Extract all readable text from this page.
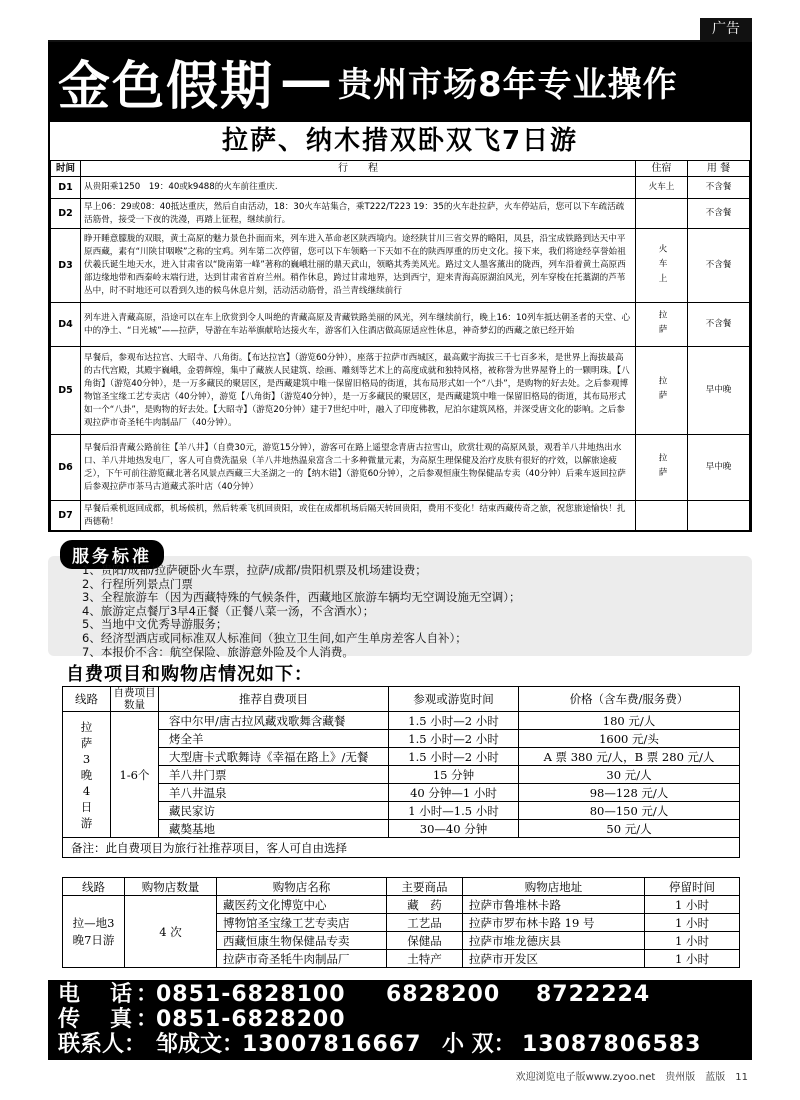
广告
金色假期 — 贵州市场8年专业操作
拉萨、纳木措双卧双飞7日游
时间	行　　程	住宿	用 餐
D1	从贵阳乘1250　19：40或k9488的火车前往重庆.	火车上	不含餐
D2	早上06：29或08：40抵达重庆，然后自由活动，18：30火车站集合，乘T222/T223 19：35的火车赴拉萨，火车停站后，您可以下车疏活疏活筋骨，接受一下夜的洗漫，再踏上征程，继续前行。		不含餐
D3	睁开睡意朦胧的双眼，黄土高原的魅力景色扑面而来，列车进入革命老区陕西境内。途经陕甘川三省交界的略阳，凤县，沿宝成铁路到达天中平原西藏，素有“川陕甘咽喉”之称的宝鸡。列车第二次停留，您可以下车领略一下天如不在的陕西厚重的历史文化。接下来，我们将途经享誉始祖伏羲氏诞生地天水，进入甘肃省以“陇南第一峰”著称的巍峨壮丽的鼎天武山，领略其秀美风光。路过文人墨客薰出的陇西，列车沿着黄土高原西部边缘地带和西秦岭末端行进，达到甘肃省首府兰州。稍作休息，跨过甘肃地界，达到西宁，迎来青海高原湖泊风光，列车穿梭在托藁湖的芦苇丛中，时不时地还可以看到久违的候鸟休息片刻，活动活动筋骨，沿兰青线继续前行	火车上	不含餐
D4	列车进入青藏高原，沿途可以在车上欣赏到令人叫绝的青藏高原及青藏铁路美丽的风光，列车继续前行，晚上16：10列车抵达朝圣者的天堂、心中的净土、“日光城”——拉萨，导游在车站举旗献哈达接火车，游客们入住酒店做高原适应性休息，神奇梦幻的西藏之旅已经开始	拉萨	不含餐
D5	早餐后，参观布达拉宫、大昭寺、八角街。【布达拉宫】（游览60分钟），座落于拉萨市西城区，最高戴宇海拔三千七百多米，是世界上海拔最高的古代宫殿，其殿宇巍峨，金碧辉煌，集中了藏族人民建筑、绘画、雕刻等艺术上的高度成就和独特风格，被称誉为世界屋脊上的一颗明珠。【八角街】（游览40分钟），是一万多藏民的聚居区，是西藏建筑中唯一保留旧格局的街道，其布局形式如一个“八卦”，是购物的好去处。之后参观博物馆圣宝缘工艺专卖店（40分钟），游览【八角街】（游览40分钟），是一万多藏民的聚居区，是西藏建筑中唯一保留旧格局的街道，其布局形式如一个“八卦”，是购物的好去处。【大昭寺】（游览20分钟）建于7世纪中叶，融入了印度佛教，尼泊尔建筑风格，并深受唐文化的影响。之后参观拉萨市奇圣牦牛肉制品厂（40分钟）。	拉萨	早中晚
D6	早餐后沿青藏公路前往【羊八井】（自费30元，游览15分钟），游客可在路上遥望念青唐古拉雪山，欣赏壮观的高原风景，观看羊八井地热出水口、羊八井地热发电厂，客人可自费洗温泉（羊八井地热温泉富含二十多种微量元素，为高原生理保健及治疗皮肤有很好的疗效，以解旅途疲乏），下午可前往游览藏北著名风景点西藏三大圣湖之一的【纳木错】（游览60分钟），之后参观恒康生物保健品专卖（40分钟）后乘车返回拉萨后参观拉萨市茶马古道藏式茶叶店（40分钟）	拉萨	早中晚
D7	早餐后乘机返回成都，机场候机，然后转乘飞机回贵阳，或住在成都机场后隔天转回贵阳，费用不变化！结束西藏传奇之旅，祝您旅途愉快！扎西德勒！		
服务标准
1、贵阳/成都/拉萨硬卧火车票，拉萨/成都/贵阳机票及机场建设费；
2、行程所列景点门票
3、全程旅游车（因为西藏特殊的气候条件，西藏地区旅游车辆均无空调设施无空调）；
4、旅游定点餐厅3早4正餐（正餐八菜一汤，不含酒水）；
5、当地中文优秀导游服务；
6、经济型酒店或同标准双人标准间（独立卫生间,如产生单房差客人自补）；
7、本报价不含：航空保险、旅游意外险及个人消费。
自费项目和购物店情况如下：
线路	自费项目数量	推荐自费项目	参观或游览时间	价格（含车费/服务费）
拉萨3晚4日游	1-6个	容中尔甲/唐古拉风藏戏歌舞含藏餐	1.5 小时—2 小时	180 元/人
		烤全羊	1.5 小时—2 小时	1600 元/头
		大型唐卡式歌舞诗《幸福在路上》/无餐	1.5 小时—2 小时	A 票 380 元/人，B 票 280 元/人
		羊八井门票	15 分钟	30 元/人
		羊八井温泉	40 分钟—1 小时	98—128 元/人
		藏民家访	1 小时—1.5 小时	80—150 元/人
		藏獒基地	30—40 分钟	50 元/人
备注：此自费项目为旅行社推荐项目，客人可自由选择				
线路	购物店数量	购物店名称	主要商品	购物店地址	停留时间
拉—地3晚7日游	4 次	藏医药文化博览中心	藏　药	拉萨市鲁堆林卡路	1 小时
		博物馆圣宝缘工艺专卖店	工艺品	拉萨市罗布林卡路 19 号	1 小时
		西藏恒康生物保健品专卖	保健品	拉萨市堆龙德庆县	1 小时
		拉萨市奇圣牦牛肉制品厂	土特产	拉萨市开发区	1 小时
电　话：
0851-6828100	6828200	8722224
传　真：
0851-6828200
联系人： 邹成文：
13007816667 小 双： 13087806583
欢迎浏览电子版www.zyoo.net　贵州版　蓝版　11
